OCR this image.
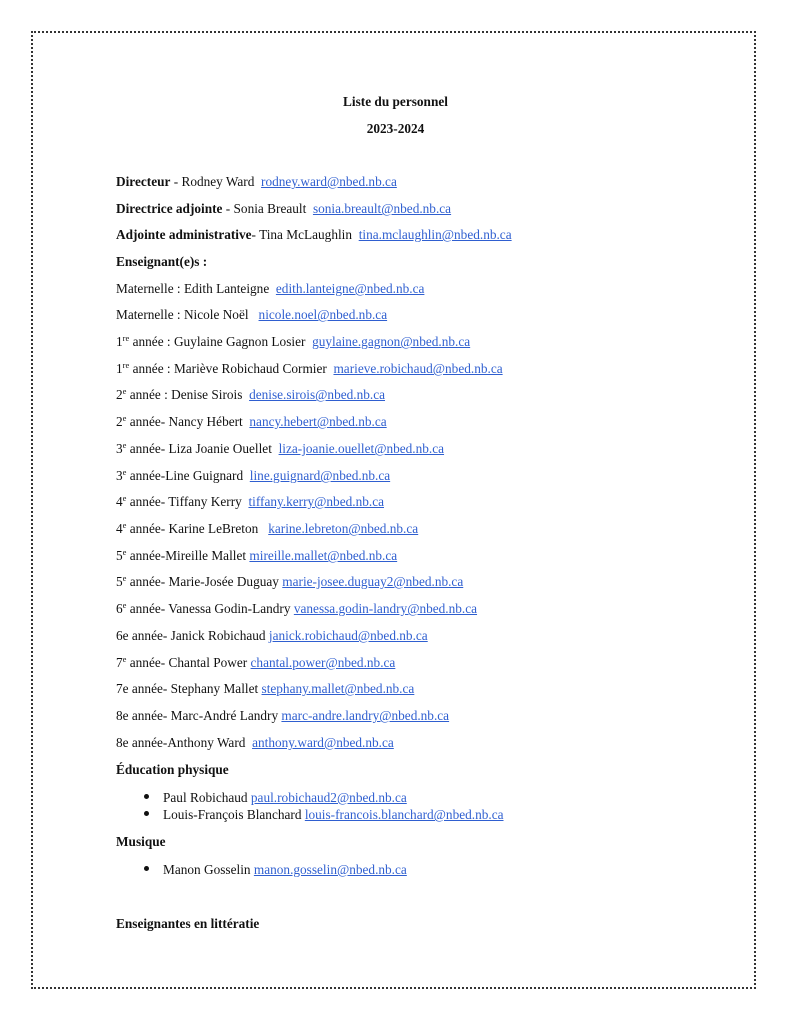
Liste du personnel
2023-2024
Directeur - Rodney Ward rodney.ward@nbed.nb.ca
Directrice adjointe - Sonia Breault sonia.breault@nbed.nb.ca
Adjointe administrative- Tina McLaughlin tina.mclaughlin@nbed.nb.ca
Enseignant(e)s :
Maternelle : Edith Lanteigne edith.lanteigne@nbed.nb.ca
Maternelle : Nicole Noël nicole.noel@nbed.nb.ca
1re année : Guylaine Gagnon Losier guylaine.gagnon@nbed.nb.ca
1re année : Mariève Robichaud Cormier marieve.robichaud@nbed.nb.ca
2e année : Denise Sirois denise.sirois@nbed.nb.ca
2e année- Nancy Hébert nancy.hebert@nbed.nb.ca
3e année- Liza Joanie Ouellet liza-joanie.ouellet@nbed.nb.ca
3e année-Line Guignard line.guignard@nbed.nb.ca
4e année- Tiffany Kerry tiffany.kerry@nbed.nb.ca
4e année- Karine LeBreton karine.lebreton@nbed.nb.ca
5e année-Mireille Mallet mireille.mallet@nbed.nb.ca
5e année- Marie-Josée Duguay marie-josee.duguay2@nbed.nb.ca
6e année- Vanessa Godin-Landry vanessa.godin-landry@nbed.nb.ca
6e année- Janick Robichaud janick.robichaud@nbed.nb.ca
7e année- Chantal Power chantal.power@nbed.nb.ca
7e année- Stephany Mallet stephany.mallet@nbed.nb.ca
8e année- Marc-André Landry marc-andre.landry@nbed.nb.ca
8e année-Anthony Ward anthony.ward@nbed.nb.ca
Éducation physique
Paul Robichaud paul.robichaud2@nbed.nb.ca
Louis-François Blanchard louis-francois.blanchard@nbed.nb.ca
Musique
Manon Gosselin manon.gosselin@nbed.nb.ca
Enseignantes en littératie
